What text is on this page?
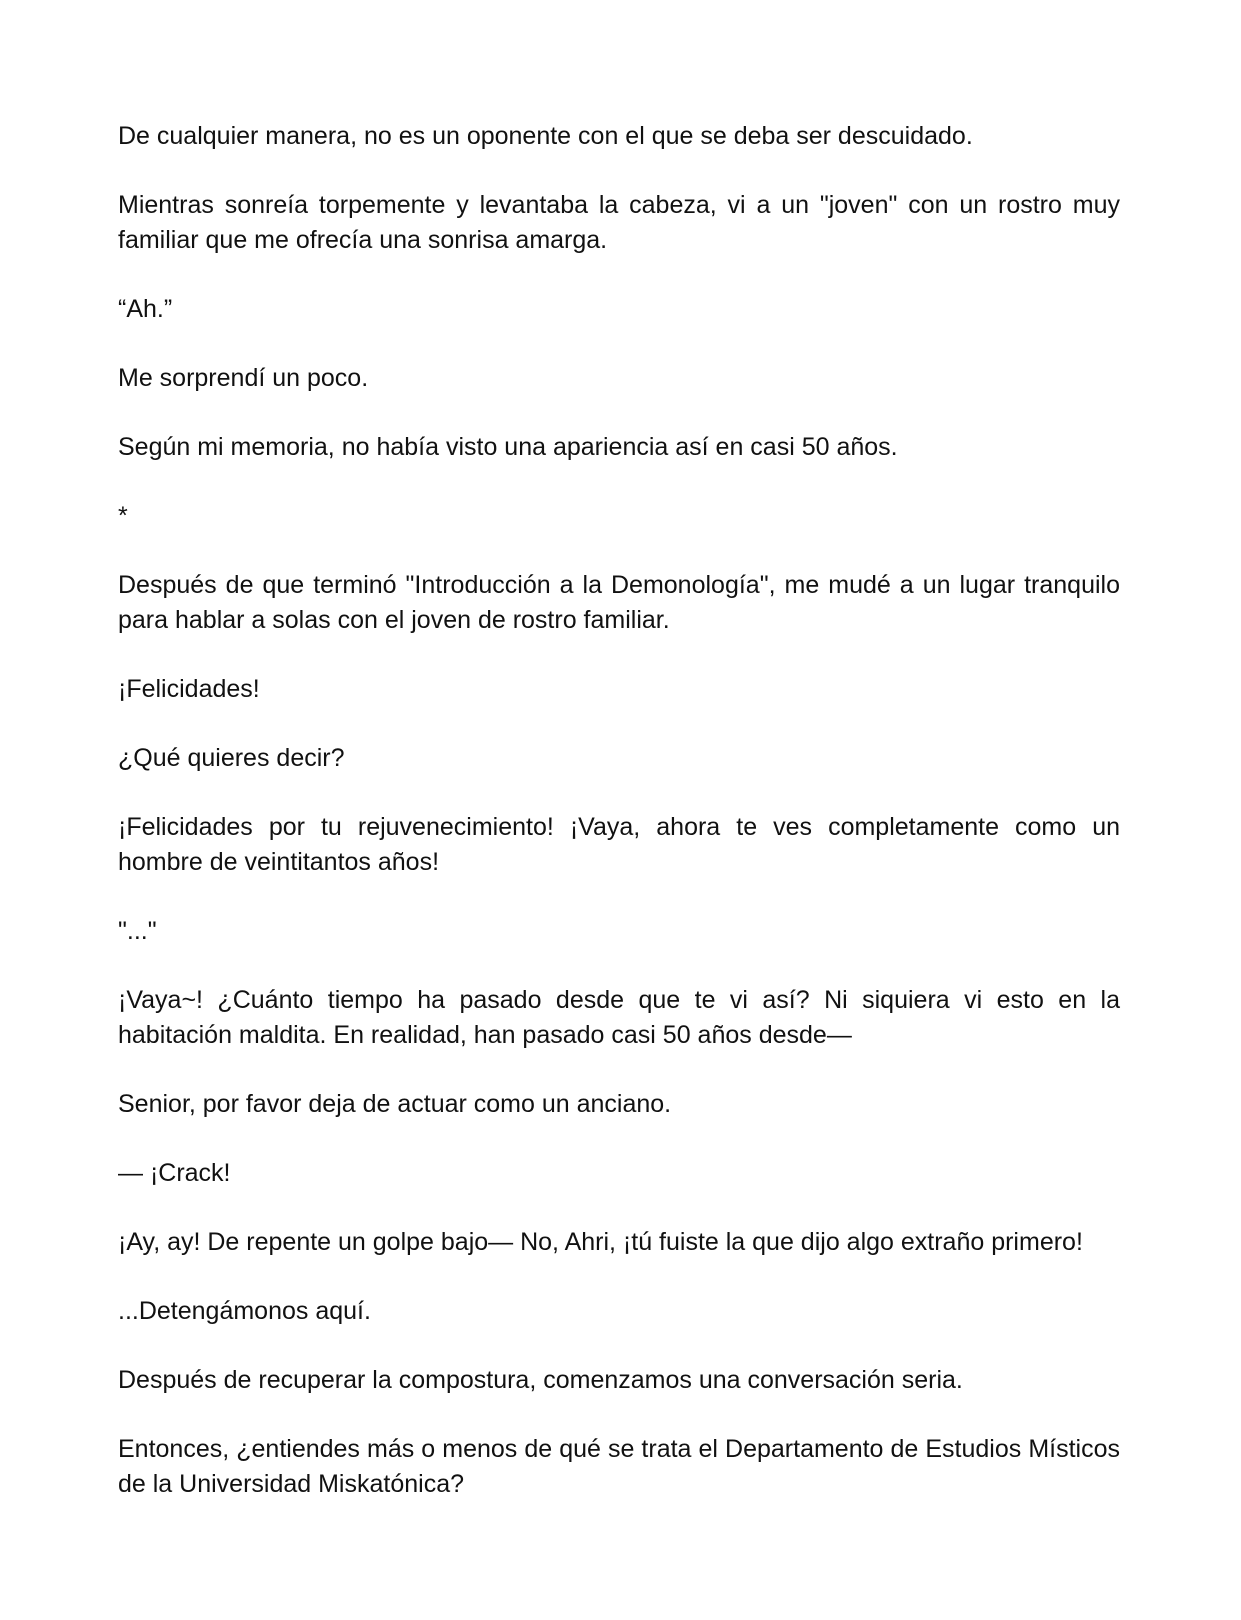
De cualquier manera, no es un oponente con el que se deba ser descuidado.

Mientras sonreía torpemente y levantaba la cabeza, vi a un "joven" con un rostro muy familiar que me ofrecía una sonrisa amarga.

“Ah.”

Me sorprendí un poco.

Según mi memoria, no había visto una apariencia así en casi 50 años.

*

Después de que terminó "Introducción a la Demonología", me mudé a un lugar tranquilo para hablar a solas con el joven de rostro familiar.

¡Felicidades!

¿Qué quieres decir?

¡Felicidades por tu rejuvenecimiento! ¡Vaya, ahora te ves completamente como un hombre de veintitantos años!

"..."

¡Vaya~! ¿Cuánto tiempo ha pasado desde que te vi así? Ni siquiera vi esto en la habitación maldita. En realidad, han pasado casi 50 años desde—

Senior, por favor deja de actuar como un anciano.

— ¡Crack!

¡Ay, ay! De repente un golpe bajo— No, Ahri, ¡tú fuiste la que dijo algo extraño primero!

...Detengámonos aquí.

Después de recuperar la compostura, comenzamos una conversación seria.

Entonces, ¿entiendes más o menos de qué se trata el Departamento de Estudios Místicos de la Universidad Miskatónica?
